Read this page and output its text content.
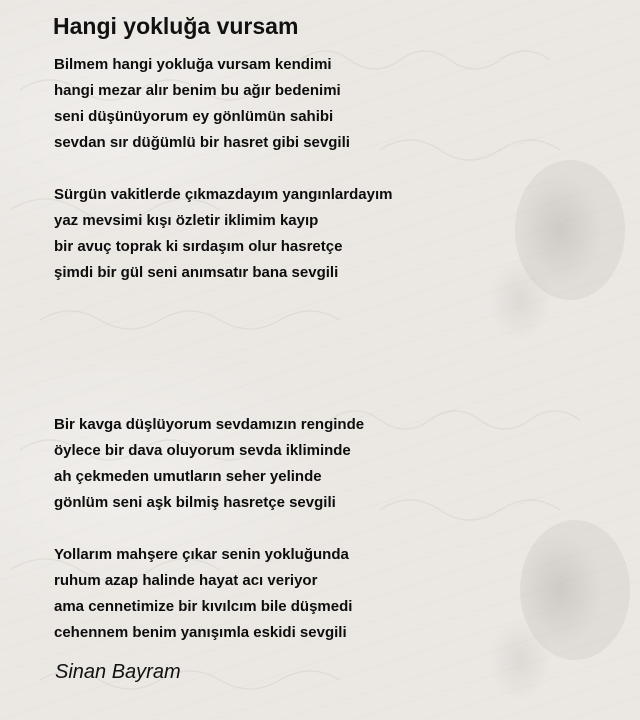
Hangi yokluğa vursam
Bilmem hangi yokluğa vursam kendimi
hangi mezar alır benim bu ağır bedenimi
seni düşünüyorum ey gönlümün sahibi
sevdan sır düğümlü bir hasret gibi sevgili
Sürgün vakitlerde çıkmazdayım yangınlardayım
yaz mevsimi kışı özletir iklimim kayıp
bir avuç toprak ki sırdaşım olur hasretçe
şimdi bir gül seni anımsatır bana sevgili
Bir kavga düşlüyorum sevdamızın renginde
öylece bir dava oluyorum sevda ikliminde
ah çekmeden umutların seher yelinde
gönlüm seni aşk bilmiş hasretçe sevgili
Yollarım mahşere çıkar senin yokluğunda
ruhum azap halinde hayat acı veriyor
ama cennetimize bir kıvılcım bile düşmedi
cehennem benim yanışımla eskidi sevgili
Sinan Bayram
